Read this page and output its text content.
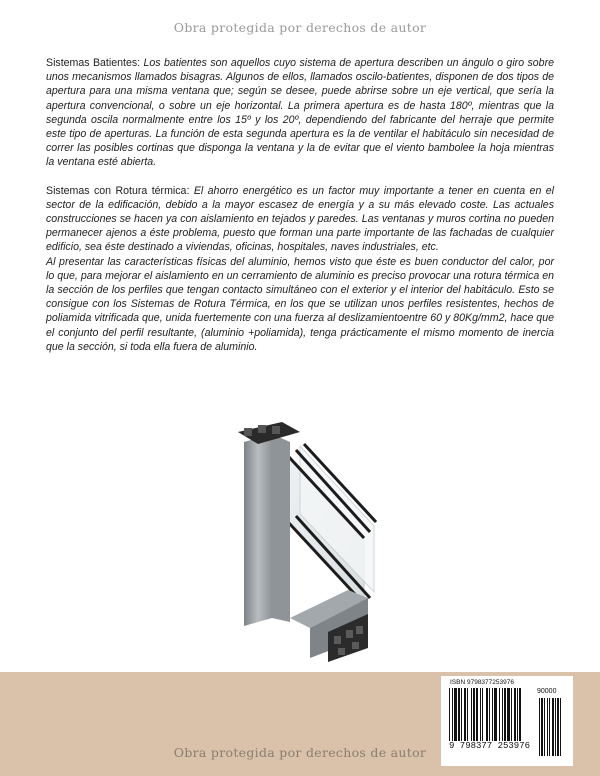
Obra protegida por derechos de autor

Sistemas Batientes: Los batientes son aquellos cuyo sistema de apertura describen un ángulo o giro sobre unos mecanismos llamados bisagras. Algunos de ellos, llamados oscilo-batientes, disponen de dos tipos de apertura para una misma ventana que; según se desee, puede abrirse sobre un eje vertical, que sería la apertura convencional, o sobre un eje horizontal. La primera apertura es de hasta 180º, mientras que la segunda oscila normalmente entre los 15º y los 20º, dependiendo del fabricante del herraje que permite este tipo de aperturas. La función de esta segunda apertura es la de ventilar el habitáculo sin necesidad de correr las posibles cortinas que disponga la ventana y la de evitar que el viento bambolee la hoja mientras la ventana esté abierta.

Sistemas con Rotura térmica: El ahorro energético es un factor muy importante a tener en cuenta en el sector de la edificación, debido a la mayor escasez de energía y a su más elevado coste. Las actuales construcciones se hacen ya con aislamiento en tejados y paredes. Las ventanas y muros cortina no pueden permanecer ajenos a éste problema, puesto que forman una parte importante de las fachadas de cualquier edificio, sea éste destinado a viviendas, oficinas, hospitales, naves industriales, etc.

Al presentar las características físicas del aluminio, hemos visto que éste es buen conductor del calor, por lo que, para mejorar el aislamiento en un cerramiento de aluminio es preciso provocar una rotura térmica en la sección de los perfiles que tengan contacto simultáneo con el exterior y el interior del habitáculo. Esto se consigue con los Sistemas de Rotura Térmica, en los que se utilizan unos perfiles resistentes, hechos de poliamida vitrificada que, unida fuertemente con una fuerza al deslizamientoentre 60 y 80Kg/mm2, hace que el conjunto del perfil resultante, (aluminio +poliamida), tenga prácticamente el mismo momento de inercia que la sección, si toda ella fuera de aluminio.

ISBN 9798377253976
90000
9 798377 253976
Obra protegida por derechos de autor
